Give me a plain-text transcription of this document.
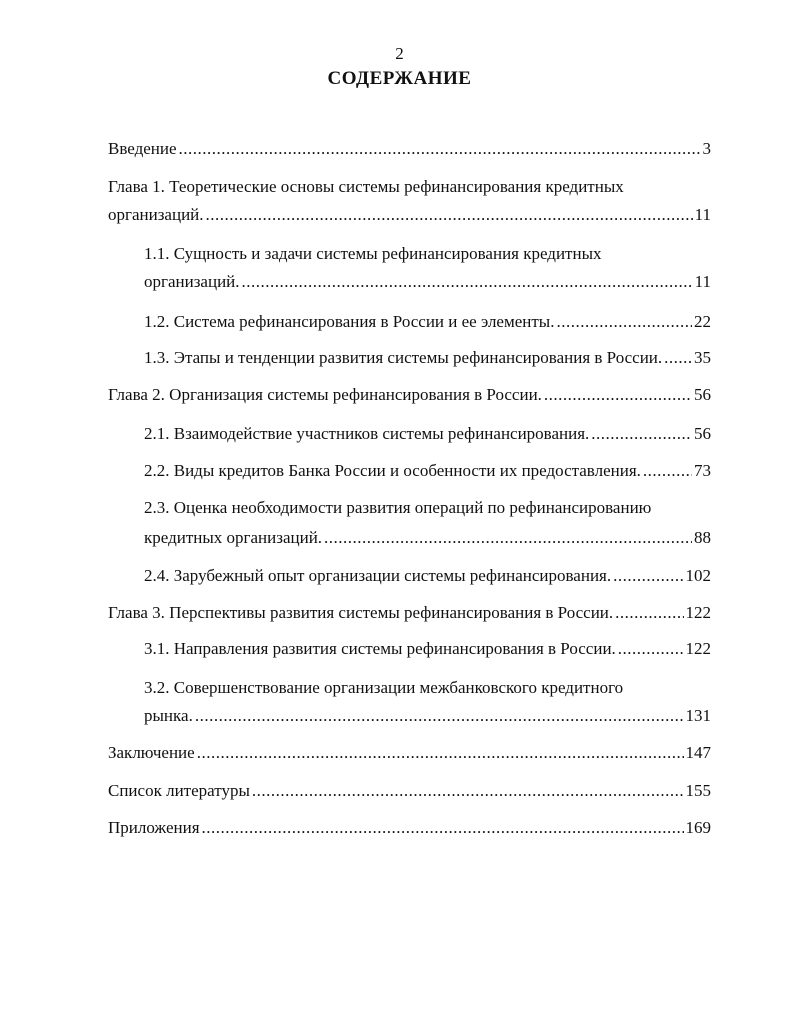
2
СОДЕРЖАНИЕ
Введение .....	3
Глава 1. Теоретические основы системы рефинансирования кредитных
организаций. .....	11
1.1. Сущность и задачи системы рефинансирования кредитных
организаций. .....	11
1.2. Система рефинансирования в России и ее элементы. .....	22
1.3. Этапы и тенденции развития системы рефинансирования в России. ..... 35
Глава 2. Организация системы рефинансирования в России. .....	56
2.1. Взаимодействие участников системы рефинансирования. .....	56
2.2. Виды кредитов Банка России и особенности их предоставления. .....	73
2.3. Оценка необходимости развития операций по рефинансированию
кредитных организаций. .....	88
2.4. Зарубежный опыт организации системы рефинансирования. .....	102
Глава 3. Перспективы развития системы рефинансирования в России. .....	122
3.1. Направления развития системы рефинансирования в России. .....	122
3.2. Совершенствование организации межбанковского кредитного
рынка. .....	131
Заключение .....	147
Список литературы .....	155
Приложения .....	169
